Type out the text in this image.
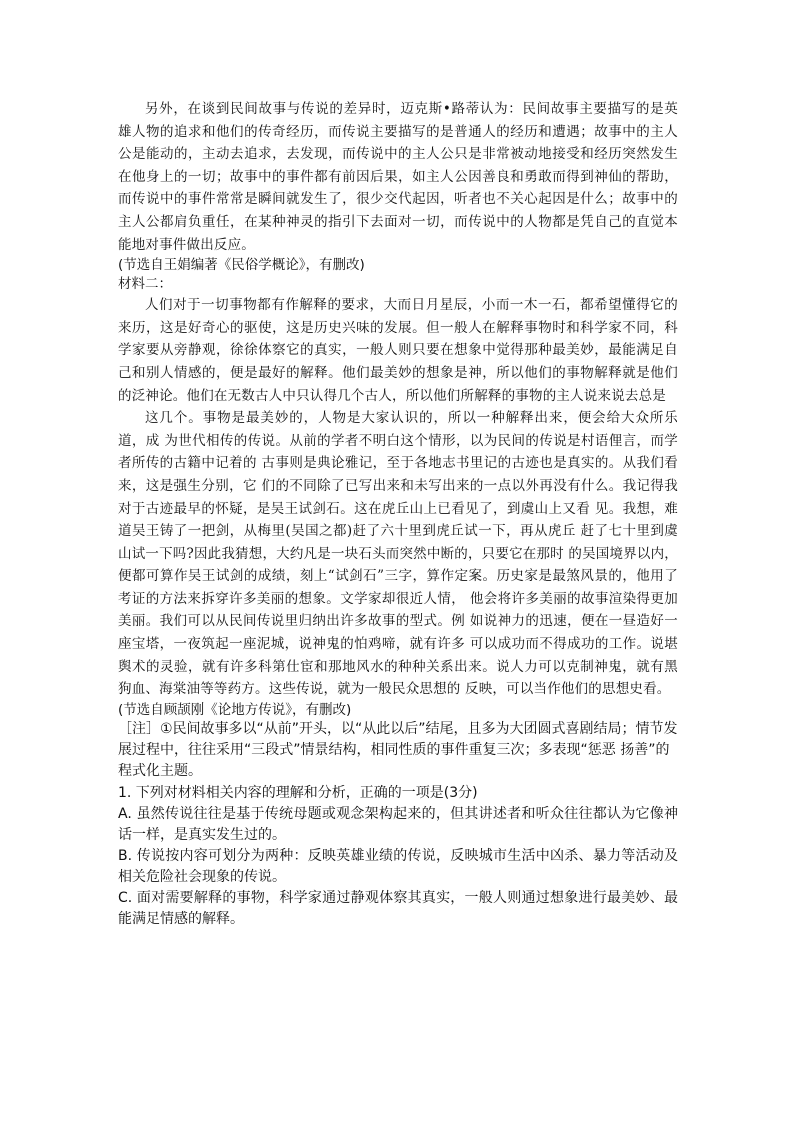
另外，在谈到民间故事与传说的差异时，迈克斯•路蒂认为：民间故事主要描写的是英 雄人物的追求和他们的传奇经历，而传说主要描写的是普通人的经历和遭遇；故事中的主人 公是能动的，主动去追求，去发现，而传说中的主人公只是非常被动地接受和经历突然发生 在他身上的一切；故事中的事件都有前因后果，如主人公因善良和勇敢而得到神仙的帮助， 而传说中的事件常常是瞬间就发生了，很少交代起因，听者也不关心起因是什么；故事中的 主人公都肩负重任，在某种神灵的指引下去面对一切，而传说中的人物都是凭自己的直觉本 能地对事件做出反应。

(节选自王娟编著《民俗学概论》，有删改)

材料二：

人们对于一切事物都有作解释的要求，大而日月星辰，小而一木一石，都希望懂得它的 来历，这是好奇心的驱使，这是历史兴味的发展。但一般人在解释事物时和科学家不同，科 学家要从旁静观，徐徐体察它的真实，一般人则只要在想象中觉得那种最美妙，最能满足自 己和别人情感的，便是最好的解释。他们最美妙的想象是神，所以他们的事物解释就是他们 的泛神论。他们在无数古人中只认得几个古人，所以他们所解释的事物的主人说来说去总是

这几个。事物是最美妙的，人物是大家认识的，所以一种解释出来，便会给大众所乐道，成 为世代相传的传说。从前的学者不明白这个情形，以为民间的传说是村语俚言，而学者所传的古籍中记着的 古事则是典论雅记，至于各地志书里记的古迹也是真实的。从我们看来，这是强生分别，它 们的不同除了已写出来和未写出来的一点以外再没有什么。我记得我对于古迹最早的怀疑，是吴王试剑石。这在虎丘山上已看见了，到虞山上又看 见。我想，难道吴王铸了一把剑，从梅里(吴国之都)赶了六十里到虎丘试一下，再从虎丘 赶了七十里到虞山试一下吗?因此我猜想，大约凡是一块石头而突然中断的，只要它在那时 的吴国境界以内，便都可算作吴王试剑的成绩，刻上“试剑石”三字，算作定案。历史家是最煞风景的，他用了考证的方法来拆穿许多美丽的想象。文学家却很近人情， 他会将许多美丽的故事渲染得更加美丽。我们可以从民间传说里归纳出许多故事的型式。例 如说神力的迅速，便在一昼造好一座宝塔，一夜筑起一座泥城，说神鬼的怕鸡啼，就有许多 可以成功而不得成功的工作。说堪舆术的灵验，就有许多科第仕宦和那地风水的种种关系出来。说人力可以克制神鬼，就有黑狗血、海棠油等等药方。这些传说，就为一般民众思想的 反映，可以当作他们的思想史看。

(节选自顾颉刚《论地方传说》，有删改)

［注］①民间故事多以“从前”开头，以“从此以后”结尾，且多为大团圆式喜剧结局；情节发展过程中，往往采用“三段式”情景结构，相同性质的事件重复三次；多表现“惩恶 扬善”的程式化主题。

1. 下列对材料相关内容的理解和分析，正确的一项是(3分)

A. 虽然传说往往是基于传统母题或观念架构起来的，但其讲述者和听众往往都认为它像神话一样，是真实发生过的。

B. 传说按内容可划分为两种：反映英雄业绩的传说，反映城市生活中凶杀、暴力等活动及相关危险社会现象的传说。

C. 面对需要解释的事物，科学家通过静观体察其真实，一般人则通过想象进行最美妙、最能满足情感的解释。
